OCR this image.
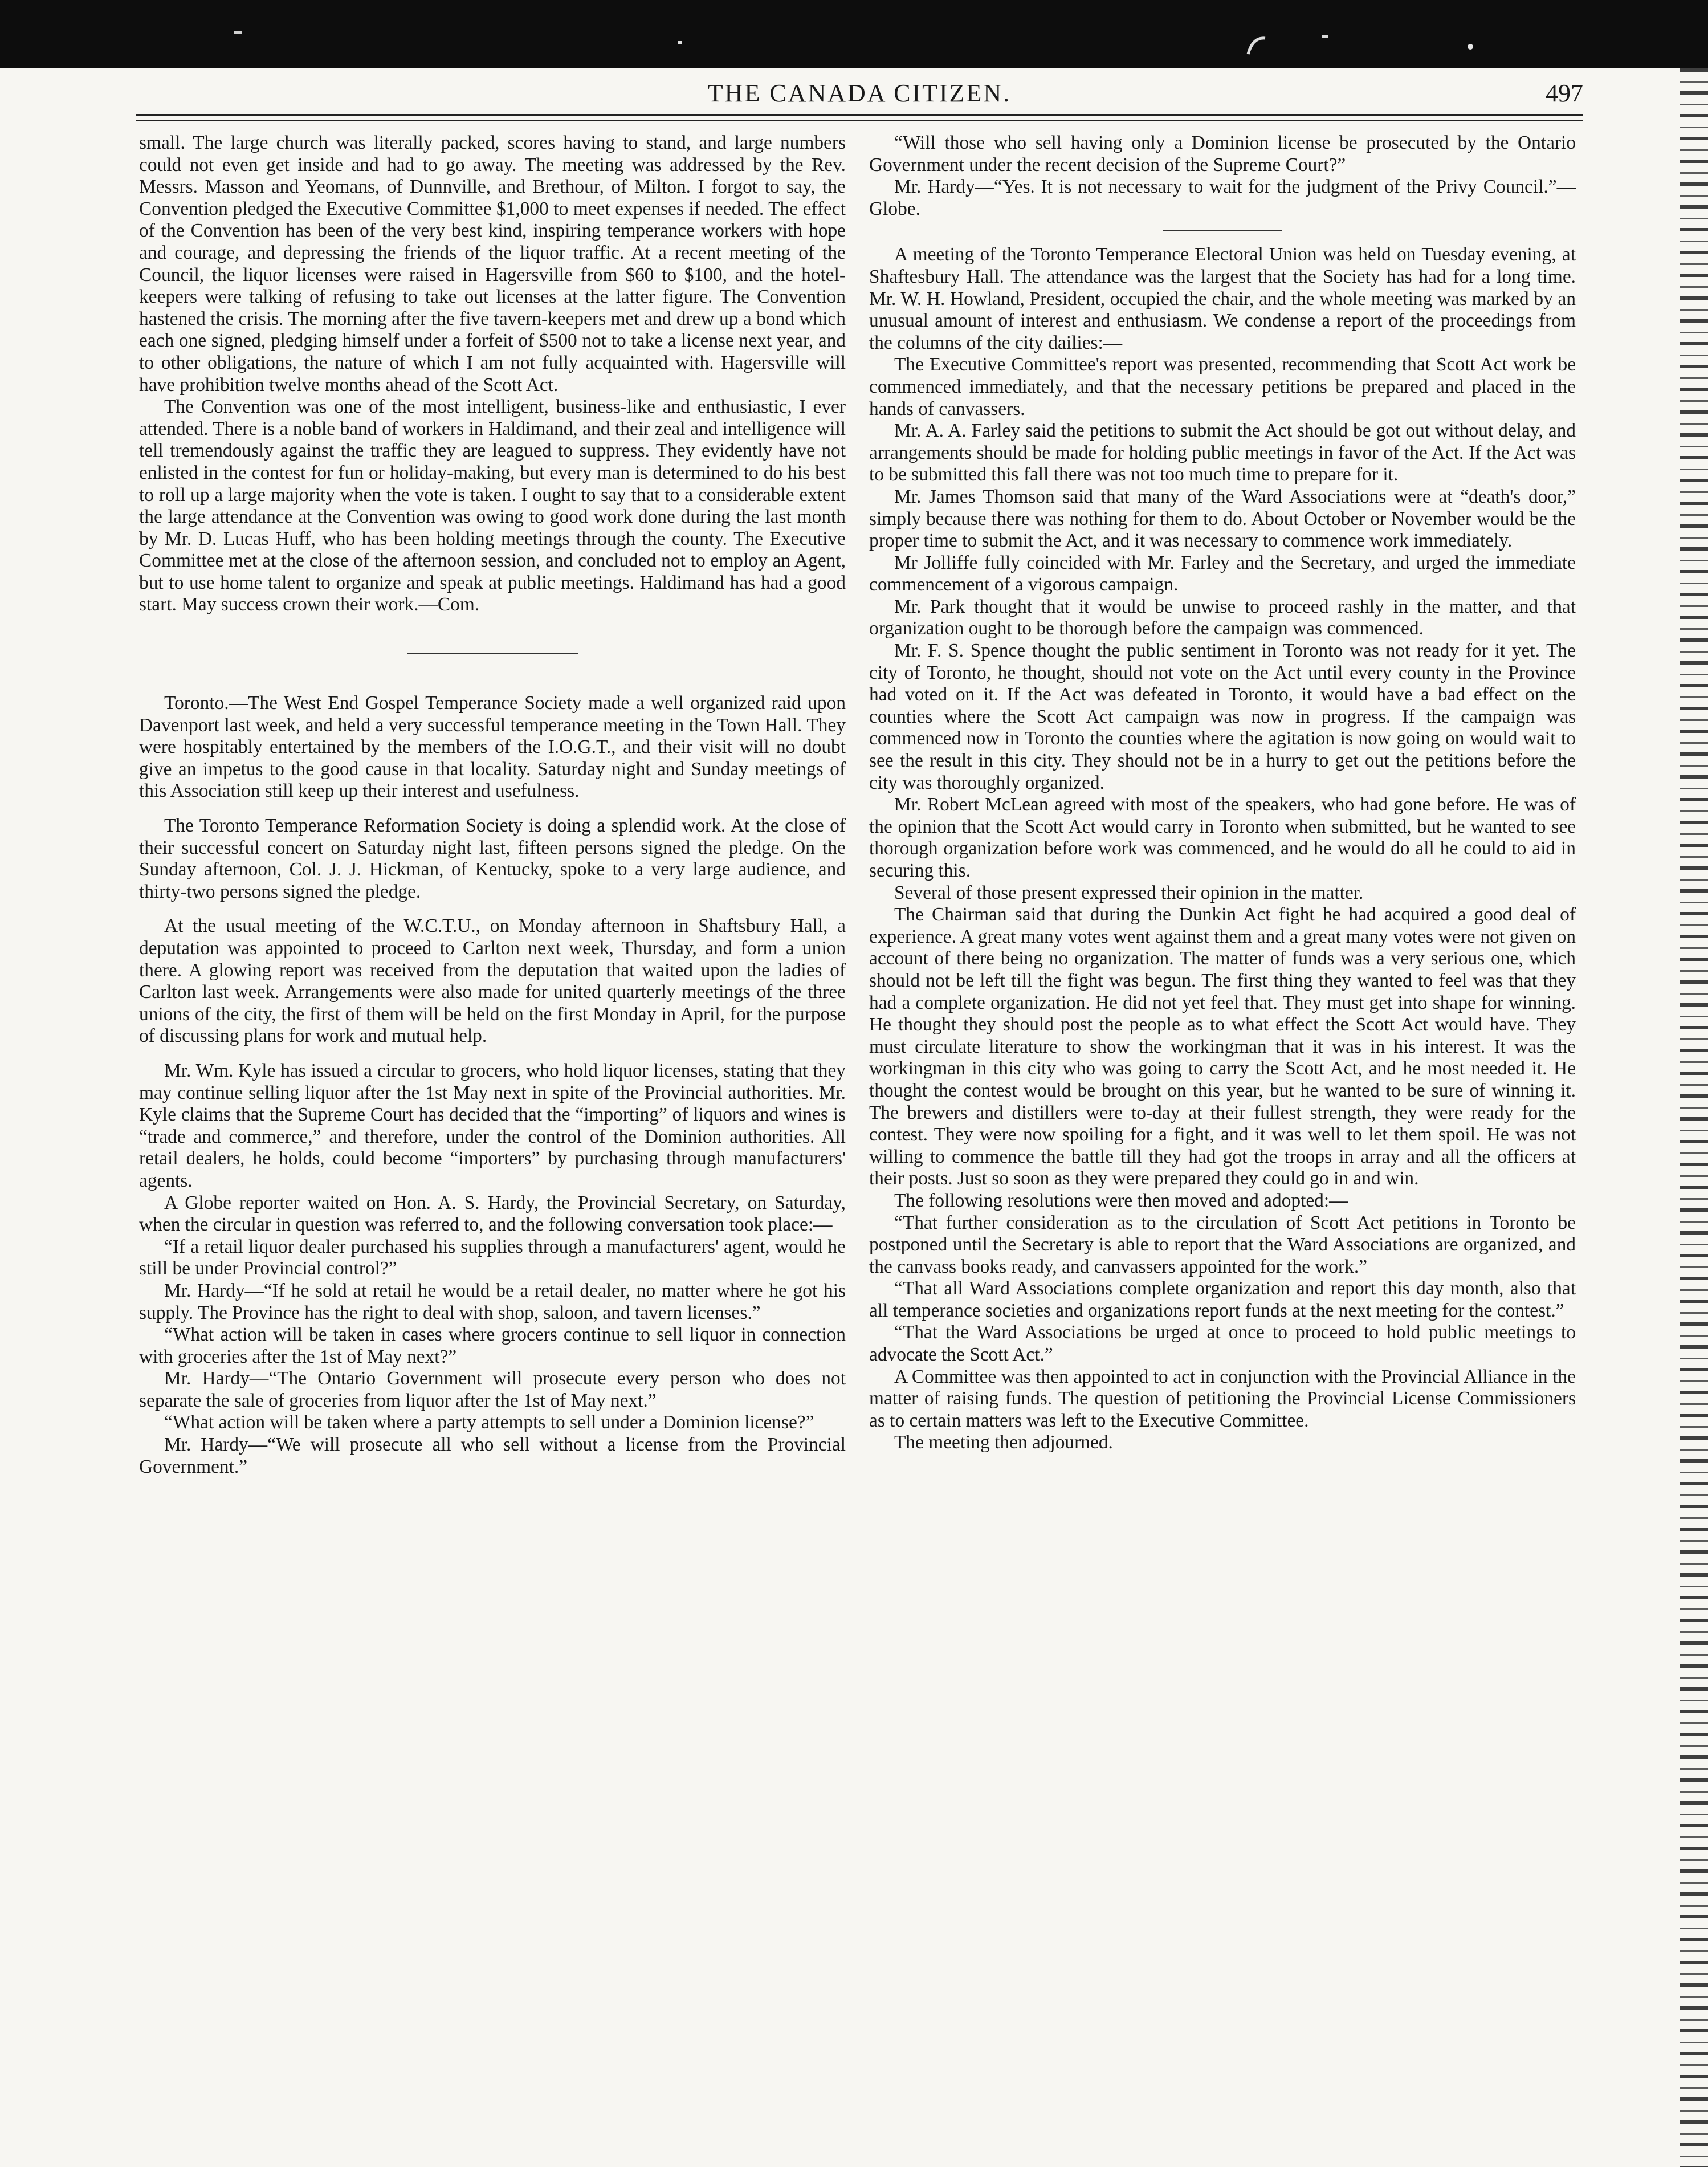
THE CANADA CITIZEN.	497

small. The large church was literally packed, scores having to stand, and large numbers could not even get inside and had to go away. The meeting was addressed by the Rev. Messrs. Masson and Yeomans, of Dunnville, and Brethour, of Milton. I forgot to say, the Convention pledged the Executive Committee $1,000 to meet expenses if needed. The effect of the Convention has been of the very best kind, inspiring temperance workers with hope and courage, and depressing the friends of the liquor traffic. At a recent meeting of the Council, the liquor licenses were raised in Hagersville from $60 to $100, and the hotel-keepers were talking of refusing to take out licenses at the latter figure. The Convention hastened the crisis. The morning after the five tavern-keepers met and drew up a bond which each one signed, pledging himself under a forfeit of $500 not to take a license next year, and to other obligations, the nature of which I am not fully acquainted with. Hagersville will have prohibition twelve months ahead of the Scott Act.

The Convention was one of the most intelligent, business-like and enthusiastic, I ever attended. There is a noble band of workers in Haldimand, and their zeal and intelligence will tell tremendously against the traffic they are leagued to suppress. They evidently have not enlisted in the contest for fun or holiday-making, but every man is determined to do his best to roll up a large majority when the vote is taken. I ought to say that to a considerable extent the large attendance at the Convention was owing to good work done during the last month by Mr. D. Lucas Huff, who has been holding meetings through the county. The Executive Committee met at the close of the afternoon session, and concluded not to employ an Agent, but to use home talent to organize and speak at public meetings. Haldimand has had a good start. May success crown their work.—Com.

Toronto.—The West End Gospel Temperance Society made a well organized raid upon Davenport last week, and held a very successful temperance meeting in the Town Hall. They were hospitably entertained by the members of the I.O.G.T., and their visit will no doubt give an impetus to the good cause in that locality. Saturday night and Sunday meetings of this Association still keep up their interest and usefulness.

The Toronto Temperance Reformation Society is doing a splendid work. At the close of their successful concert on Saturday night last, fifteen persons signed the pledge. On the Sunday afternoon, Col. J. J. Hickman, of Kentucky, spoke to a very large audience, and thirty-two persons signed the pledge.

At the usual meeting of the W.C.T.U., on Monday afternoon in Shaftsbury Hall, a deputation was appointed to proceed to Carlton next week, Thursday, and form a union there. A glowing report was received from the deputation that waited upon the ladies of Carlton last week. Arrangements were also made for united quarterly meetings of the three unions of the city, the first of them will be held on the first Monday in April, for the purpose of discussing plans for work and mutual help.

Mr. Wm. Kyle has issued a circular to grocers, who hold liquor licenses, stating that they may continue selling liquor after the 1st May next in spite of the Provincial authorities. Mr. Kyle claims that the Supreme Court has decided that the “importing” of liquors and wines is “trade and commerce,” and therefore, under the control of the Dominion authorities. All retail dealers, he holds, could become “importers” by purchasing through manufacturers' agents.

A Globe reporter waited on Hon. A. S. Hardy, the Provincial Secretary, on Saturday, when the circular in question was referred to, and the following conversation took place:—

“If a retail liquor dealer purchased his supplies through a manufacturers' agent, would he still be under Provincial control?”

Mr. Hardy—“If he sold at retail he would be a retail dealer, no matter where he got his supply. The Province has the right to deal with shop, saloon, and tavern licenses.”

“What action will be taken in cases where grocers continue to sell liquor in connection with groceries after the 1st of May next?”

Mr. Hardy—“The Ontario Government will prosecute every person who does not separate the sale of groceries from liquor after the 1st of May next.”

“What action will be taken where a party attempts to sell under a Dominion license?”

Mr. Hardy—“We will prosecute all who sell without a license from the Provincial Government.”

“Will those who sell having only a Dominion license be prosecuted by the Ontario Government under the recent decision of the Supreme Court?”

Mr. Hardy—“Yes. It is not necessary to wait for the judgment of the Privy Council.”—Globe.

A meeting of the Toronto Temperance Electoral Union was held on Tuesday evening, at Shaftesbury Hall. The attendance was the largest that the Society has had for a long time. Mr. W. H. Howland, President, occupied the chair, and the whole meeting was marked by an unusual amount of interest and enthusiasm. We condense a report of the proceedings from the columns of the city dailies:—

The Executive Committee's report was presented, recommending that Scott Act work be commenced immediately, and that the necessary petitions be prepared and placed in the hands of canvassers.

Mr. A. A. Farley said the petitions to submit the Act should be got out without delay, and arrangements should be made for holding public meetings in favor of the Act. If the Act was to be submitted this fall there was not too much time to prepare for it.

Mr. James Thomson said that many of the Ward Associations were at “death's door,” simply because there was nothing for them to do. About October or November would be the proper time to submit the Act, and it was necessary to commence work immediately.

Mr Jolliffe fully coincided with Mr. Farley and the Secretary, and urged the immediate commencement of a vigorous campaign.

Mr. Park thought that it would be unwise to proceed rashly in the matter, and that organization ought to be thorough before the campaign was commenced.

Mr. F. S. Spence thought the public sentiment in Toronto was not ready for it yet. The city of Toronto, he thought, should not vote on the Act until every county in the Province had voted on it. If the Act was defeated in Toronto, it would have a bad effect on the counties where the Scott Act campaign was now in progress. If the campaign was commenced now in Toronto the counties where the agitation is now going on would wait to see the result in this city. They should not be in a hurry to get out the petitions before the city was thoroughly organized.

Mr. Robert McLean agreed with most of the speakers, who had gone before. He was of the opinion that the Scott Act would carry in Toronto when submitted, but he wanted to see thorough organization before work was commenced, and he would do all he could to aid in securing this.

Several of those present expressed their opinion in the matter.

The Chairman said that during the Dunkin Act fight he had acquired a good deal of experience. A great many votes went against them and a great many votes were not given on account of there being no organization. The matter of funds was a very serious one, which should not be left till the fight was begun. The first thing they wanted to feel was that they had a complete organization. He did not yet feel that. They must get into shape for winning. He thought they should post the people as to what effect the Scott Act would have. They must circulate literature to show the workingman that it was in his interest. It was the workingman in this city who was going to carry the Scott Act, and he most needed it. He thought the contest would be brought on this year, but he wanted to be sure of winning it. The brewers and distillers were to-day at their fullest strength, they were ready for the contest. They were now spoiling for a fight, and it was well to let them spoil. He was not willing to commence the battle till they had got the troops in array and all the officers at their posts. Just so soon as they were prepared they could go in and win.

The following resolutions were then moved and adopted:—

“That further consideration as to the circulation of Scott Act petitions in Toronto be postponed until the Secretary is able to report that the Ward Associations are organized, and the canvass books ready, and canvassers appointed for the work.”

“That all Ward Associations complete organization and report this day month, also that all temperance societies and organizations report funds at the next meeting for the contest.”

“That the Ward Associations be urged at once to proceed to hold public meetings to advocate the Scott Act.”

A Committee was then appointed to act in conjunction with the Provincial Alliance in the matter of raising funds. The question of petitioning the Provincial License Commissioners as to certain matters was left to the Executive Committee.

The meeting then adjourned.
